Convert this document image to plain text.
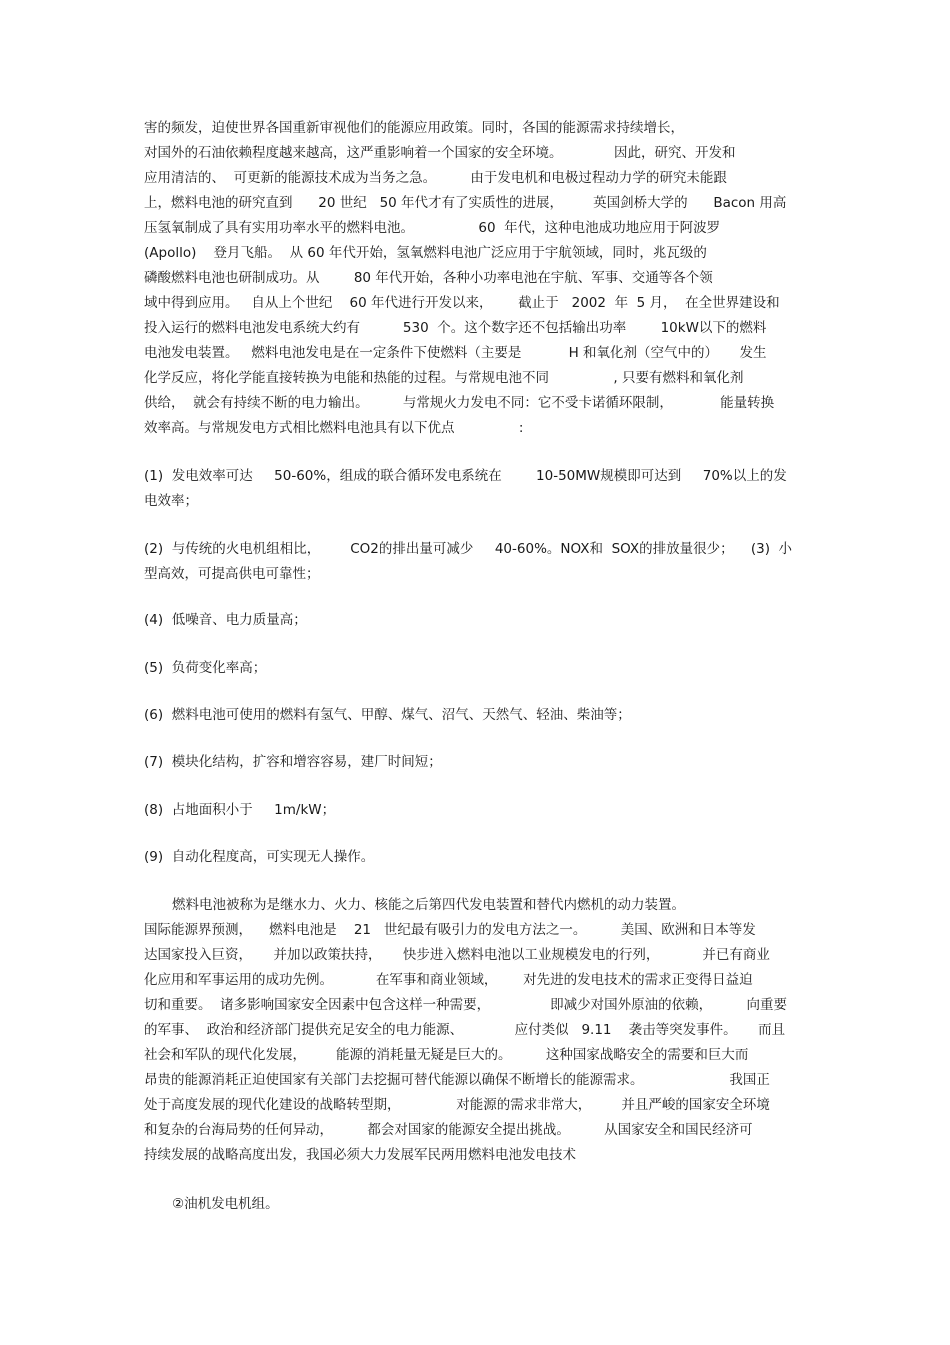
害的频发，迫使世界各国重新审视他们的能源应用政策。同时，各国的能源需求持续增长，
对国外的石油依赖程度越来越高，这严重影响着一个国家的安全环境。            因此，研究、开发和
应用清洁的、  可更新的能源技术成为当务之急。        由于发电机和电极过程动力学的研究未能跟
上，燃料电池的研究直到      20 世纪   50 年代才有了实质性的进展，       英国剑桥大学的      Bacon 用高
压氢氧制成了具有实用功率水平的燃料电池。               60  年代，这种电池成功地应用于阿波罗
(Apollo)    登月飞船。  从 60 年代开始，氢氧燃料电池广泛应用于宇航领域，同时，兆瓦级的
磷酸燃料电池也研制成功。从        80 年代开始，各种小功率电池在宇航、军事、交通等各个领
域中得到应用。   自从上个世纪    60 年代进行开发以来，      截止于   2002  年  5 月，  在全世界建设和
投入运行的燃料电池发电系统大约有          530  个。这个数字还不包括输出功率        10kW以下的燃料
电池发电装置。   燃料电池发电是在一定条件下使燃料（主要是           H 和氧化剂（空气中的）     发生
化学反应，将化学能直接转换为电能和热能的过程。与常规电池不同               , 只要有燃料和氧化剂
供给，  就会有持续不断的电力输出。        与常规火力发电不同：它不受卡诺循环限制，           能量转换
效率高。与常规发电方式相比燃料电池具有以下优点               :
(1)  发电效率可达     50-60%，组成的联合循环发电系统在        10-50MW规模即可达到     70%以上的发
电效率；
(2)  与传统的火电机组相比，       CO2的排出量可减少     40-60%。NOX和  SOX的排放量很少；    (3)  小
型高效，可提高供电可靠性；
(4)  低噪音、电力质量高；
(5)  负荷变化率高；
(6)  燃料电池可使用的燃料有氢气、甲醇、煤气、沼气、天然气、轻油、柴油等；
(7)  模块化结构，扩容和增容容易，建厂时间短；
(8)  占地面积小于     1m/kW；
(9)  自动化程度高，可实现无人操作。
燃料电池被称为是继水力、火力、核能之后第四代发电装置和替代内燃机的动力装置。
国际能源界预测，    燃料电池是    21   世纪最有吸引力的发电方法之一。        美国、欧洲和日本等发
达国家投入巨资，     并加以政策扶持，     快步进入燃料电池以工业规模发电的行列，          并已有商业
化应用和军事运用的成功先例。          在军事和商业领域，      对先进的发电技术的需求正变得日益迫
切和重要。  诸多影响国家安全因素中包含这样一种需要，              即减少对国外原油的依赖，        向重要
的军事、  政治和经济部门提供充足安全的电力能源、            应付类似   9.11    袭击等突发事件。     而且
社会和军队的现代化发展，       能源的消耗量无疑是巨大的。        这种国家战略安全的需要和巨大而
昂贵的能源消耗正迫使国家有关部门去挖掘可替代能源以确保不断增长的能源需求。                    我国正
处于高度发展的现代化建设的战略转型期，             对能源的需求非常大，       并且严峻的国家安全环境
和复杂的台海局势的任何异动，        都会对国家的能源安全提出挑战。        从国家安全和国民经济可
持续发展的战略高度出发，我国必须大力发展军民两用燃料电池发电技术
②油机发电机组。
